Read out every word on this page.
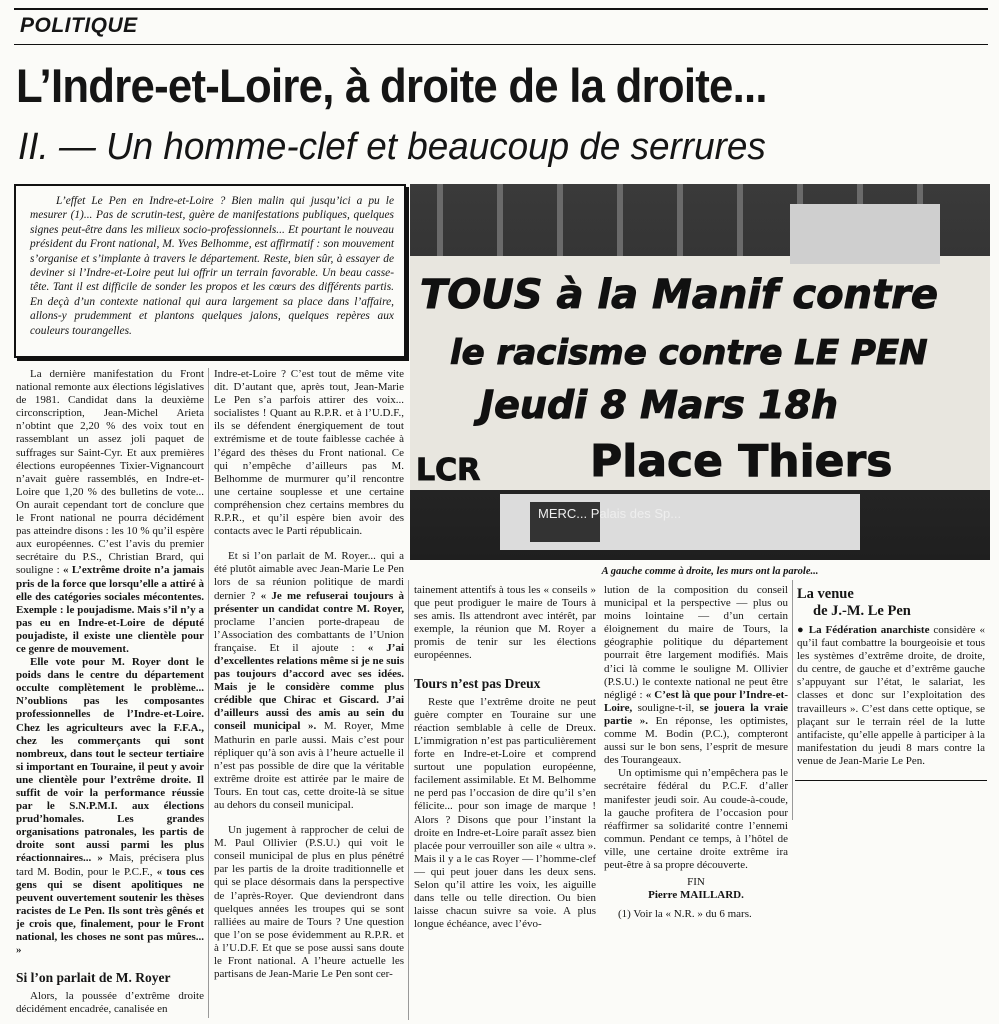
POLITIQUE
L’Indre-et-Loire, à droite de la droite...
II. — Un homme-clef et beaucoup de serrures
L’effet Le Pen en Indre-et-Loire ? Bien malin qui jusqu’ici a pu le mesurer (1)... Pas de scrutin-test, guère de manifestations publiques, quelques signes peut-être dans les milieux socio-professionnels... Et pourtant le nouveau président du Front national, M. Yves Belhomme, est affirmatif : son mouvement s’organise et s’implante à travers le département. Reste, bien sûr, à essayer de deviner si l’Indre-et-Loire peut lui offrir un terrain favorable. Un beau casse-tête. Tant il est difficile de sonder les propos et les cœurs des différents partis. En deçà d’un contexte national qui aura largement sa place dans l’affaire, allons-y prudemment et plantons quelques jalons, quelques repères aux couleurs tourangelles.
MERC... Palais des Sp...
TOUS à la Manif contre
le racisme contre LE PEN
Jeudi 8 Mars 18h
Place Thiers
LCR
A gauche comme à droite, les murs ont la parole...

La dernière manifestation du Front national remonte aux élections législatives de 1981. Candidat dans la deuxième circonscription, Jean-Michel Arieta n’obtint que 2,20 % des voix tout en rassemblant un assez joli paquet de suffrages sur Saint-Cyr. Et aux premières élections européennes Tixier-Vignancourt n’avait guère rassemblés, en Indre-et-Loire que 1,20 % des bulletins de vote... On aurait cependant tort de conclure que le Front national ne pourra décidément pas atteindre disons : les 10 % qu’il espère aux européennes. C’est l’avis du premier secrétaire du P.S., Christian Brard, qui souligne : « L’extrême droite n’a jamais pris de la force que lorsqu’elle a attiré à elle des catégories sociales mécontentes. Exemple : le poujadisme. Mais s’il n’y a pas eu en Indre-et-Loire de député poujadiste, il existe une clientèle pour ce genre de mouvement.

Elle vote pour M. Royer dont le poids dans le centre du département occulte complètement le problème... N’oublions pas les composantes professionnelles de l’Indre-et-Loire. Chez les agriculteurs avec la F.F.A., chez les commerçants qui sont nombreux, dans tout le secteur tertiaire si important en Touraine, il peut y avoir une clientèle pour l’extrême droite. Il suffit de voir la performance réussie par le S.N.P.M.I. aux élections prud’homales. Les grandes organisations patronales, les partis de droite sont aussi parmi les plus réactionnaires... » Mais, précisera plus tard M. Bodin, pour le P.C.F., « tous ces gens qui se disent apolitiques ne peuvent ouvertement soutenir les thèses racistes de Le Pen. Ils sont très gênés et je crois que, finalement, pour le Front national, les choses ne sont pas mûres... »

Si l’on parlait de M. Royer

Alors, la poussée d’extrême droite décidément encadrée, canalisée en

Indre-et-Loire ? C’est tout de même vite dit. D’autant que, après tout, Jean-Marie Le Pen s’a parfois attirer des voix... socialistes ! Quant au R.P.R. et à l’U.D.F., ils se défendent énergiquement de tout extrémisme et de toute faiblesse cachée à l’égard des thèses du Front national. Ce qui n’empêche d’ailleurs pas M. Belhomme de murmurer qu’il rencontre une certaine souplesse et une certaine compréhension chez certains membres du R.P.R., et qu’il espère bien avoir des contacts avec le Parti républicain.

Et si l’on parlait de M. Royer... qui a été plutôt aimable avec Jean-Marie Le Pen lors de sa réunion politique de mardi dernier ? « Je me refuserai toujours à présenter un candidat contre M. Royer, proclame l’ancien porte-drapeau de l’Association des combattants de l’Union française. Et il ajoute : « J’ai d’excellentes relations même si je ne suis pas toujours d’accord avec ses idées. Mais je le considère comme plus crédible que Chirac et Giscard. J’ai d’ailleurs aussi des amis au sein du conseil municipal ». M. Royer, Mme Mathurin en parle aussi. Mais c’est pour répliquer qu’à son avis à l’heure actuelle il n’est pas possible de dire que la véritable extrême droite est attirée par le maire de Tours. En tout cas, cette droite-là se situe au dehors du conseil municipal.

Un jugement à rapprocher de celui de M. Paul Ollivier (P.S.U.) qui voit le conseil municipal de plus en plus pénétré par les partis de la droite traditionnelle et qui se place désormais dans la perspective de l’après-Royer. Que deviendront dans quelques années les troupes qui se sont ralliées au maire de Tours ? Une question que l’on se pose évidemment au R.P.R. et à l’U.D.F. Et que se pose aussi sans doute le Front national. A l’heure actuelle les partisans de Jean-Marie Le Pen sont cer-

tainement attentifs à tous les « conseils » que peut prodiguer le maire de Tours à ses amis. Ils attendront avec intérêt, par exemple, la réunion que M. Royer a promis de tenir sur les élections européennes.

Tours n’est pas Dreux

Reste que l’extrême droite ne peut guère compter en Touraine sur une réaction semblable à celle de Dreux. L’immigration n’est pas particulièrement forte en Indre-et-Loire et comprend surtout une population européenne, facilement assimilable. Et M. Belhomme ne perd pas l’occasion de dire qu’il s’en félicite... pour son image de marque ! Alors ? Disons que pour l’instant la droite en Indre-et-Loire paraît assez bien placée pour verrouiller son aile « ultra ». Mais il y a le cas Royer — l’homme-clef — qui peut jouer dans les deux sens. Selon qu’il attire les voix, les aiguille dans telle ou telle direction. Ou bien laisse chacun suivre sa voie. A plus longue échéance, avec l’évo-

lution de la composition du conseil municipal et la perspective — plus ou moins lointaine — d’un certain éloignement du maire de Tours, la géographie politique du département pourrait être largement modifiés. Mais d’ici là comme le souligne M. Ollivier (P.S.U.) le contexte national ne peut être négligé : « C’est là que pour l’Indre-et-Loire, souligne-t-il, se jouera la vraie partie ». En réponse, les optimistes, comme M. Bodin (P.C.), compteront aussi sur le bon sens, l’esprit de mesure des Tourangeaux.

Un optimisme qui n’empêchera pas le secrétaire fédéral du P.C.F. d’aller manifester jeudi soir. Au coude-à-coude, la gauche profitera de l’occasion pour réaffirmer sa solidarité contre l’ennemi commun. Pendant ce temps, à l’hôtel de ville, une certaine droite extrême ira peut-être à sa propre découverte.

FIN

Pierre MAILLARD.

(1) Voir la « N.R. » du 6 mars.

La venue
de J.-M. Le Pen

● La Fédération anarchiste considère « qu’il faut combattre la bourgeoisie et tous les systèmes d’extrême droite, de droite, du centre, de gauche et d’extrême gauche s’appuyant sur l’état, le salariat, les classes et donc sur l’exploitation des travailleurs ». C’est dans cette optique, se plaçant sur le terrain réel de la lutte antifaciste, qu’elle appelle à participer à la manifestation du jeudi 8 mars contre la venue de Jean-Marie Le Pen.
